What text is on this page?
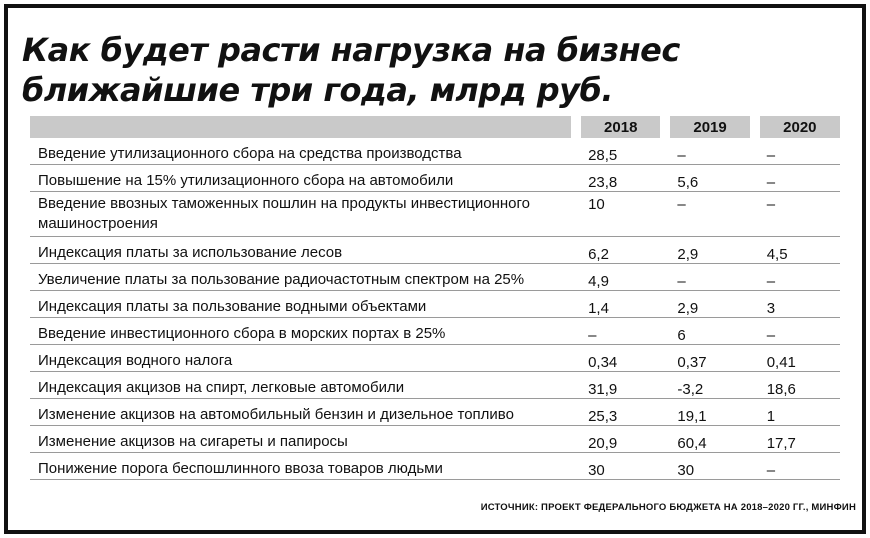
Как будет расти нагрузка на бизнес ближайшие три года, млрд руб.
	2018	2019	2020
Введение утилизационного сбора на средства производства	28,5	–	–
Повышение на 15% утилизационного сбора на автомобили	23,8	5,6	–
Введение ввозных таможенных пошлин на продукты инвестиционного машиностроения	10	–	–
Индексация платы за использование лесов	6,2	2,9	4,5
Увеличение платы за пользование радиочастотным спектром на 25%	4,9	–	–
Индексация платы за пользование водными объектами	1,4	2,9	3
Введение инвестиционного сбора в морских портах в 25%	–	6	–
Индексация водного налога	0,34	0,37	0,41
Индексация акцизов на спирт, легковые автомобили	31,9	-3,2	18,6
Изменение акцизов на автомобильный бензин и дизельное топливо	25,3	19,1	1
Изменение акцизов на сигареты и папиросы	20,9	60,4	17,7
Понижение порога беспошлинного ввоза товаров людьми	30	30	–
ИСТОЧНИК: ПРОЕКТ ФЕДЕРАЛЬНОГО БЮДЖЕТА НА 2018–2020 ГГ., МИНФИН
